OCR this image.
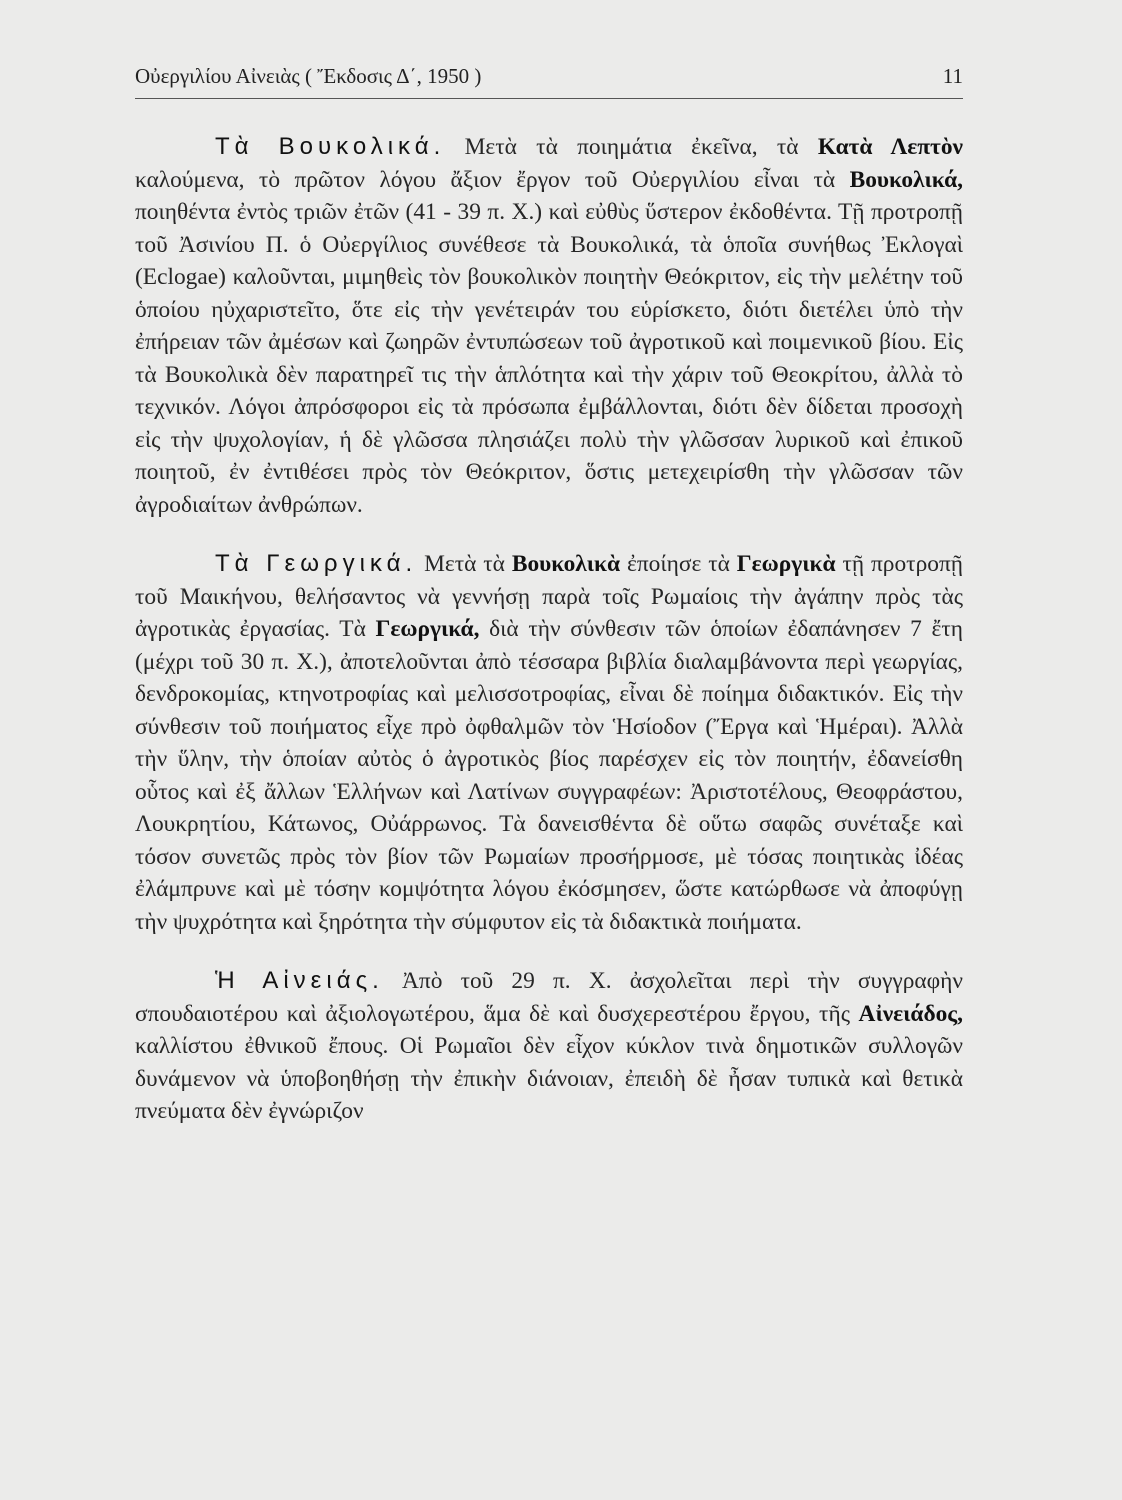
Οὐεργιλίου Αἰνειὰς ( Ἔκδοσις Δ΄, 1950 )	11

Τὰ Βουκολικά. Μετὰ τὰ ποιημάτια ἐκεῖνα, τὰ Κατὰ Λεπτὸν καλούμενα, τὸ πρῶτον λόγου ἄξιον ἔργον τοῦ Οὐεργιλίου εἶναι τὰ Βουκολικά, ποιηθέντα ἐντὸς τριῶν ἐτῶν (41 - 39 π. Χ.) καὶ εὐθὺς ὕστερον ἐκδοθέντα. Τῇ προτροπῇ τοῦ Ἀσινίου Π. ὁ Οὐεργίλιος συνέθεσε τὰ Βουκολικά, τὰ ὁποῖα συνήθως Ἐκλογαὶ (Eclogae) καλοῦνται, μιμηθεὶς τὸν βουκολικὸν ποιητὴν Θεόκριτον, εἰς τὴν μελέτην τοῦ ὁποίου ηὐχαριστεῖτο, ὅτε εἰς τὴν γενέτειράν του εὑρίσκετο, διότι διετέλει ὑπὸ τὴν ἐπήρειαν τῶν ἀμέσων καὶ ζωηρῶν ἐντυπώσεων τοῦ ἀγροτικοῦ καὶ ποιμενικοῦ βίου. Εἰς τὰ Βουκολικὰ δὲν παρατηρεῖ τις τὴν ἁπλότητα καὶ τὴν χάριν τοῦ Θεοκρίτου, ἀλλὰ τὸ τεχνικόν. Λόγοι ἀπρόσφοροι εἰς τὰ πρόσωπα ἐμβάλλονται, διότι δὲν δίδεται προσοχὴ εἰς τὴν ψυχολογίαν, ἡ δὲ γλῶσσα πλησιάζει πολὺ τὴν γλῶσσαν λυρικοῦ καὶ ἐπικοῦ ποιητοῦ, ἐν ἐντιθέσει πρὸς τὸν Θεόκριτον, ὅστις μετεχειρίσθη τὴν γλῶσσαν τῶν ἀγροδιαίτων ἀνθρώπων.

Τὰ Γεωργικά. Μετὰ τὰ Βουκολικὰ ἐποίησε τὰ Γεωργικὰ τῇ προτροπῇ τοῦ Μαικήνου, θελήσαντος νὰ γεννήσῃ παρὰ τοῖς Ρωμαίοις τὴν ἀγάπην πρὸς τὰς ἀγροτικὰς ἐργασίας. Τὰ Γεωργικά, διὰ τὴν σύνθεσιν τῶν ὁποίων ἐδαπάνησεν 7 ἔτη (μέχρι τοῦ 30 π. Χ.), ἀποτελοῦνται ἀπὸ τέσσαρα βιβλία διαλαμβάνοντα περὶ γεωργίας, δενδροκομίας, κτηνοτροφίας καὶ μελισσοτροφίας, εἶναι δὲ ποίημα διδακτικόν. Εἰς τὴν σύνθεσιν τοῦ ποιήματος εἶχε πρὸ ὀφθαλμῶν τὸν Ἡσίοδον (Ἔργα καὶ Ἡμέραι). Ἀλλὰ τὴν ὕλην, τὴν ὁποίαν αὐτὸς ὁ ἀγροτικὸς βίος παρέσχεν εἰς τὸν ποιητήν, ἐδανείσθη οὗτος καὶ ἐξ ἄλλων Ἑλλήνων καὶ Λατίνων συγγραφέων: Ἀριστοτέλους, Θεοφράστου, Λουκρητίου, Κάτωνος, Οὐάρρωνος. Τὰ δανεισθέντα δὲ οὕτω σαφῶς συνέταξε καὶ τόσον συνετῶς πρὸς τὸν βίον τῶν Ρωμαίων προσήρμοσε, μὲ τόσας ποιητικὰς ἰδέας ἐλάμπρυνε καὶ μὲ τόσην κομψότητα λόγου ἐκόσμησεν, ὥστε κατώρθωσε νὰ ἀποφύγῃ τὴν ψυχρότητα καὶ ξηρότητα τὴν σύμφυτον εἰς τὰ διδακτικὰ ποιήματα.

Ἡ Αἰνειάς. Ἀπὸ τοῦ 29 π. Χ. ἀσχολεῖται περὶ τὴν συγγραφὴν σπουδαιοτέρου καὶ ἀξιολογωτέρου, ἅμα δὲ καὶ δυσχερεστέρου ἔργου, τῆς Αἰνειάδος, καλλίστου ἐθνικοῦ ἔπους. Οἱ Ρωμαῖοι δὲν εἶχον κύκλον τινὰ δημοτικῶν συλλογῶν δυνάμενον νὰ ὑποβοηθήσῃ τὴν ἐπικὴν διάνοιαν, ἐπειδὴ δὲ ἦσαν τυπικὰ καὶ θετικὰ πνεύματα δὲν ἐγνώριζον
